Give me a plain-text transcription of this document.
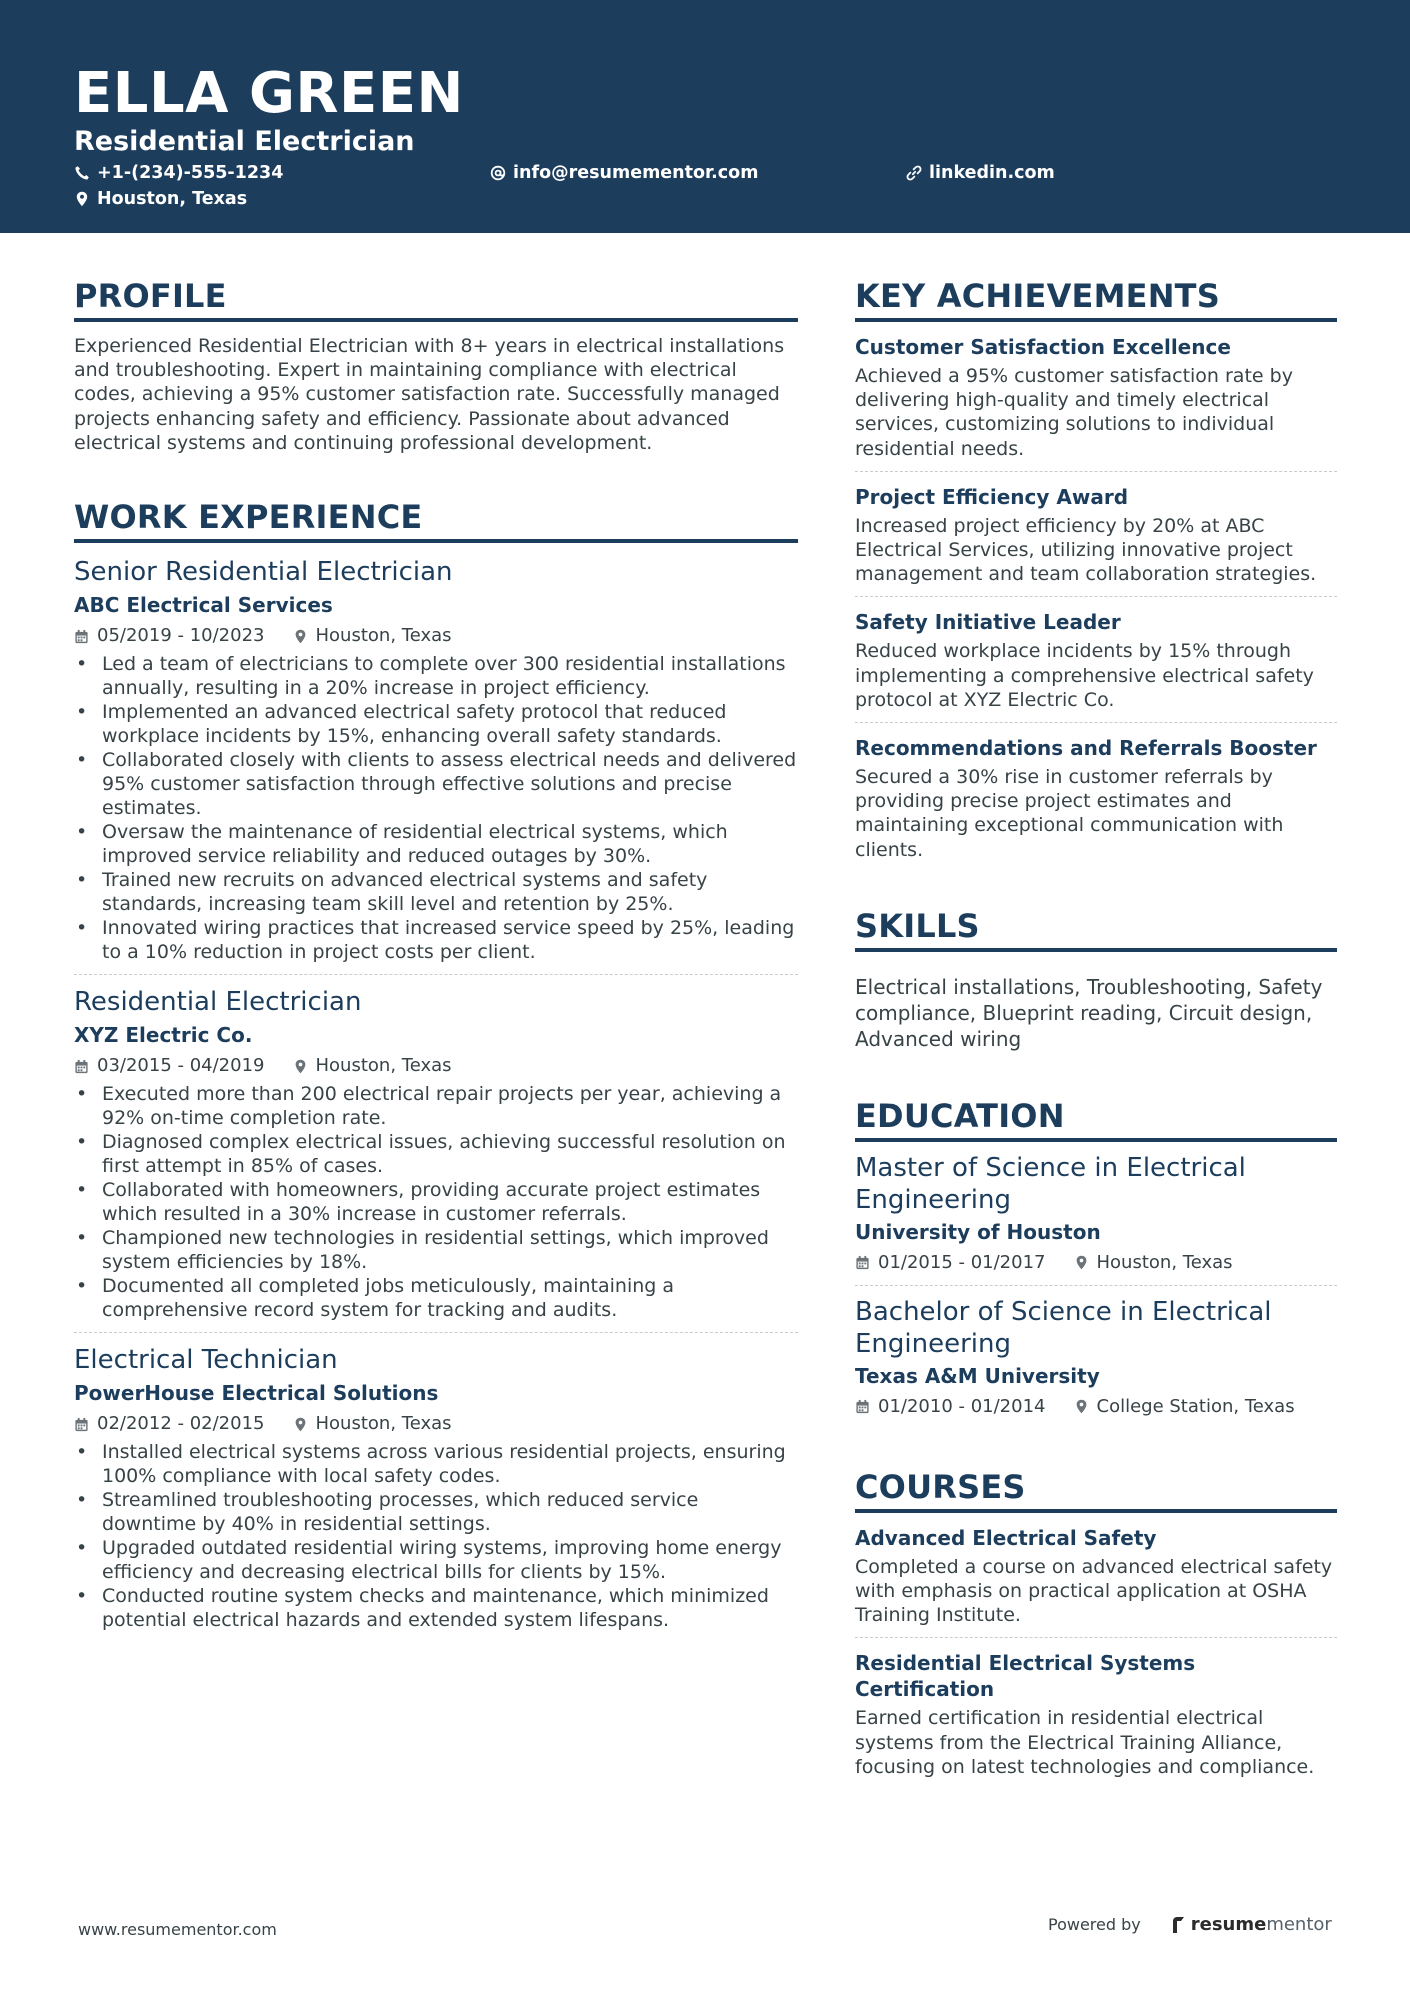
ELLA GREEN
Residential Electrician
+1-(234)-555-1234	info@resumementor.com	linkedin.com
Houston, Texas
PROFILE

Experienced Residential Electrician with 8+ years in electrical installations and troubleshooting. Expert in maintaining compliance with electrical codes, achieving a 95% customer satisfaction rate. Successfully managed projects enhancing safety and efficiency. Passionate about advanced electrical systems and continuing professional development.

WORK EXPERIENCE
Senior Residential Electrician
ABC Electrical Services
05/2019 - 10/2023	Houston, Texas
• Led a team of electricians to complete over 300 residential installations annually, resulting in a 20% increase in project efficiency.
• Implemented an advanced electrical safety protocol that reduced workplace incidents by 15%, enhancing overall safety standards.
• Collaborated closely with clients to assess electrical needs and delivered 95% customer satisfaction through effective solutions and precise estimates.
• Oversaw the maintenance of residential electrical systems, which improved service reliability and reduced outages by 30%.
• Trained new recruits on advanced electrical systems and safety standards, increasing team skill level and retention by 25%.
• Innovated wiring practices that increased service speed by 25%, leading to a 10% reduction in project costs per client.
Residential Electrician
XYZ Electric Co.
03/2015 - 04/2019	Houston, Texas
• Executed more than 200 electrical repair projects per year, achieving a 92% on-time completion rate.
• Diagnosed complex electrical issues, achieving successful resolution on first attempt in 85% of cases.
• Collaborated with homeowners, providing accurate project estimates which resulted in a 30% increase in customer referrals.
• Championed new technologies in residential settings, which improved system efficiencies by 18%.
• Documented all completed jobs meticulously, maintaining a comprehensive record system for tracking and audits.
Electrical Technician
PowerHouse Electrical Solutions
02/2012 - 02/2015	Houston, Texas
• Installed electrical systems across various residential projects, ensuring 100% compliance with local safety codes.
• Streamlined troubleshooting processes, which reduced service downtime by 40% in residential settings.
• Upgraded outdated residential wiring systems, improving home energy efficiency and decreasing electrical bills for clients by 15%.
• Conducted routine system checks and maintenance, which minimized potential electrical hazards and extended system lifespans.
KEY ACHIEVEMENTS
Customer Satisfaction Excellence

Achieved a 95% customer satisfaction rate by delivering high-quality and timely electrical services, customizing solutions to individual residential needs.

Project Efficiency Award

Increased project efficiency by 20% at ABC Electrical Services, utilizing innovative project management and team collaboration strategies.

Safety Initiative Leader

Reduced workplace incidents by 15% through implementing a comprehensive electrical safety protocol at XYZ Electric Co.

Recommendations and Referrals Booster

Secured a 30% rise in customer referrals by providing precise project estimates and maintaining exceptional communication with clients.

SKILLS

Electrical installations, Troubleshooting, Safety compliance, Blueprint reading, Circuit design, Advanced wiring

EDUCATION
Master of Science in Electrical Engineering
University of Houston
01/2015 - 01/2017	Houston, Texas
Bachelor of Science in Electrical Engineering
Texas A&M University
01/2010 - 01/2014	College Station, Texas
COURSES
Advanced Electrical Safety

Completed a course on advanced electrical safety with emphasis on practical application at OSHA Training Institute.

Residential Electrical Systems Certification

Earned certification in residential electrical systems from the Electrical Training Alliance, focusing on latest technologies and compliance.

www.resumementor.com	Powered by	resume mentor
